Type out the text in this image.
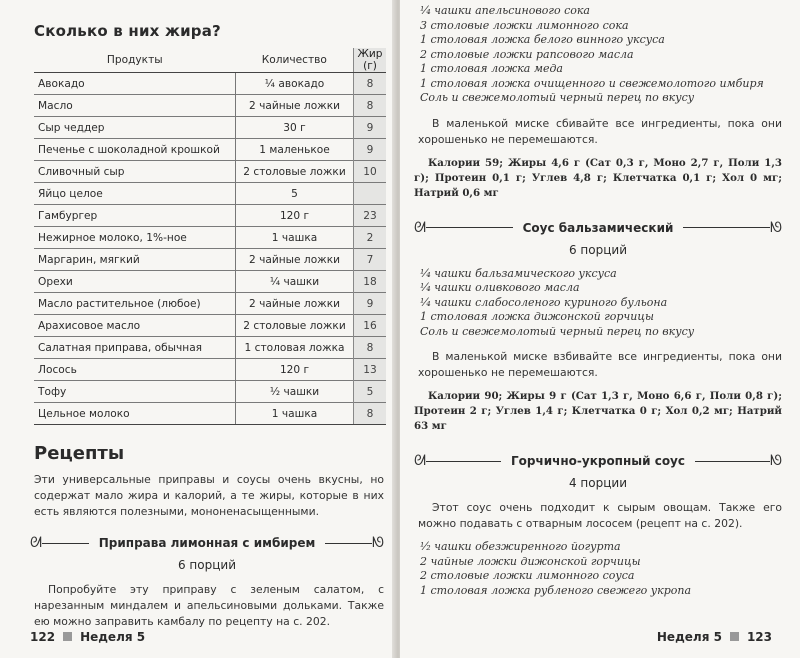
Сколько в них жира?
Продукты	Количество	Жир (г)
Авокадо	¹⁄₄ авокадо	8
Масло	2 чайные ложки	8
Сыр чеддер	30 г	9
Печенье с шоколадной крошкой	1 маленькое	9
Сливочный сыр	2 столовые ложки	10
Яйцо целое	5	
Гамбургер	120 г	23
Нежирное молоко, 1%-ное	1 чашка	2
Маргарин, мягкий	2 чайные ложки	7
Орехи	¹⁄₄ чашки	18
Масло растительное (любое)	2 чайные ложки	9
Арахисовое масло	2 столовые ложки	16
Салатная приправа, обычная	1 столовая ложка	8
Лосось	120 г	13
Тофу	¹⁄₂ чашки	5
Цельное молоко	1 чашка	8
Рецепты

Эти универсальные приправы и соусы очень вкусны, но содержат мало жира и калорий, а те жиры, которые в них есть являются полезными, мононенасыщенными.

ᘛ	Приправа лимонная с имбирем	ᘚ
6 порций

Попробуйте эту приправу с зеленым салатом, с нарезанным миндалем и апельсиновыми дольками. Также ею можно заправить камбалу по рецепту на с. 202.

122 Неделя 5
¹⁄₄ чашки апельсинового сока
3 столовые ложки лимонного сока
1 столовая ложка белого винного уксуса
2 столовые ложки рапсового масла
1 столовая ложка меда
1 столовая ложка очищенного и свежемолотого имбиря
Соль и свежемолотый черный перец по вкусу

В маленькой миске сбивайте все ингредиенты, пока они хорошенько не перемешаются.

Калории 59; Жиры 4,6 г (Сат 0,3 г, Моно 2,7 г, Поли 1,3 г); Протеин 0,1 г; Углев 4,8 г; Клетчатка 0,1 г; Хол 0 мг; Натрий 0,6 мг

ᘛ	Соус бальзамический	ᘚ
6 порций
¹⁄₄ чашки бальзамического уксуса
¹⁄₄ чашки оливкового масла
¹⁄₄ чашки слабосоленого куриного бульона
1 столовая ложка дижонской горчицы
Соль и свежемолотый черный перец по вкусу

В маленькой миске взбивайте все ингредиенты, пока они хорошенько не перемешаются.

Калории 90; Жиры 9 г (Сат 1,3 г, Моно 6,6 г, Поли 0,8 г); Протеин 2 г; Углев 1,4 г; Клетчатка 0 г; Хол 0,2 мг; Натрий 63 мг

ᘛ	Горчично-укропный соус	ᘚ
4 порции

Этот соус очень подходит к сырым овощам. Также его можно подавать с отварным лососем (рецепт на с. 202).

¹⁄₂ чашки обезжиренного йогурта
2 чайные ложки дижонской горчицы
2 столовые ложки лимонного соуса
1 столовая ложка рубленого свежего укропа
Неделя 5 123
